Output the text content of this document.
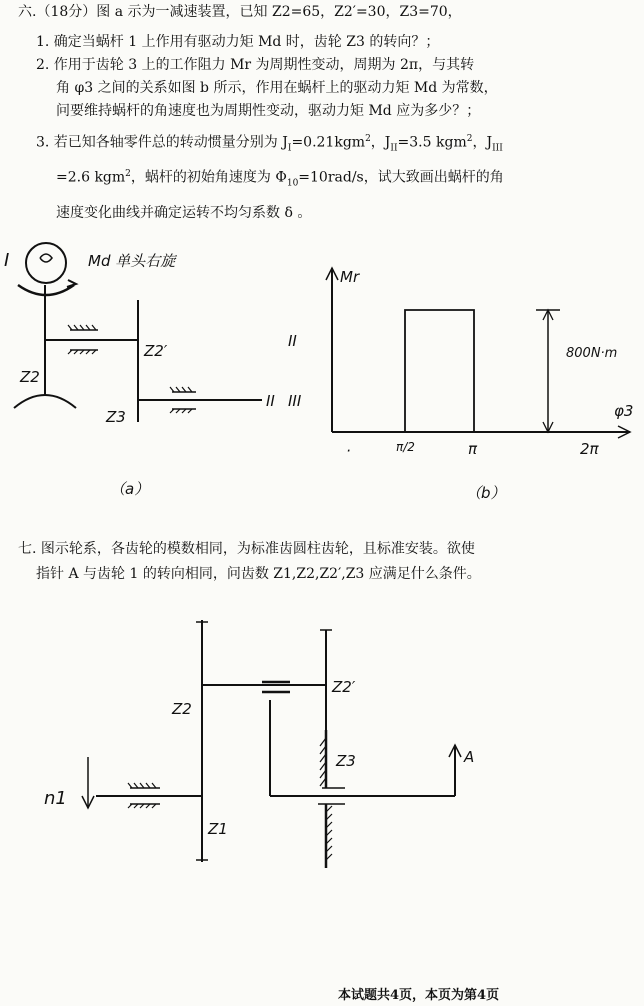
六.（18分）图 a 示为一减速装置，已知 Z2=65，Z2′=30，Z3=70，
1. 确定当蜗杆 1 上作用有驱动力矩 Md 时，齿轮 Z3 的转向？；
2. 作用于齿轮 3 上的工作阻力 Mr 为周期性变动，周期为 2π，与其转
角 φ3 之间的关系如图 b 所示，作用在蜗杆上的驱动力矩 Md 为常数，
问要维持蜗杆的角速度也为周期性变动，驱动力矩 Md 应为多少？；
3. 若已知各轴零件总的转动惯量分别为 $J_I=0.21kgm^2$，$J_{II}=3.5$ kgm$^2$，$J_{III}$
=2.6 kgm$^2$，蜗杆的初始角速度为 $\Phi_{10}=10rad/s$，试大致画出蜗杆的角
速度变化曲线并确定运转不均匀系数 δ 。
I	Md 单头右旋
Z2′
Z2
Z3
II
（a）
Mr
II
III
800N·m
·	π/2	π	2π
φ3
（b）
七. 图示轮系，各齿轮的模数相同，为标准齿圆柱齿轮，且标准安装。欲使
指针 A 与齿轮 1 的转向相同，问齿数 Z1,Z2,Z2′,Z3 应满足什么条件。
Z2
Z2′
Z3	A
n1
Z1
本试题共4页，本页为第4页
